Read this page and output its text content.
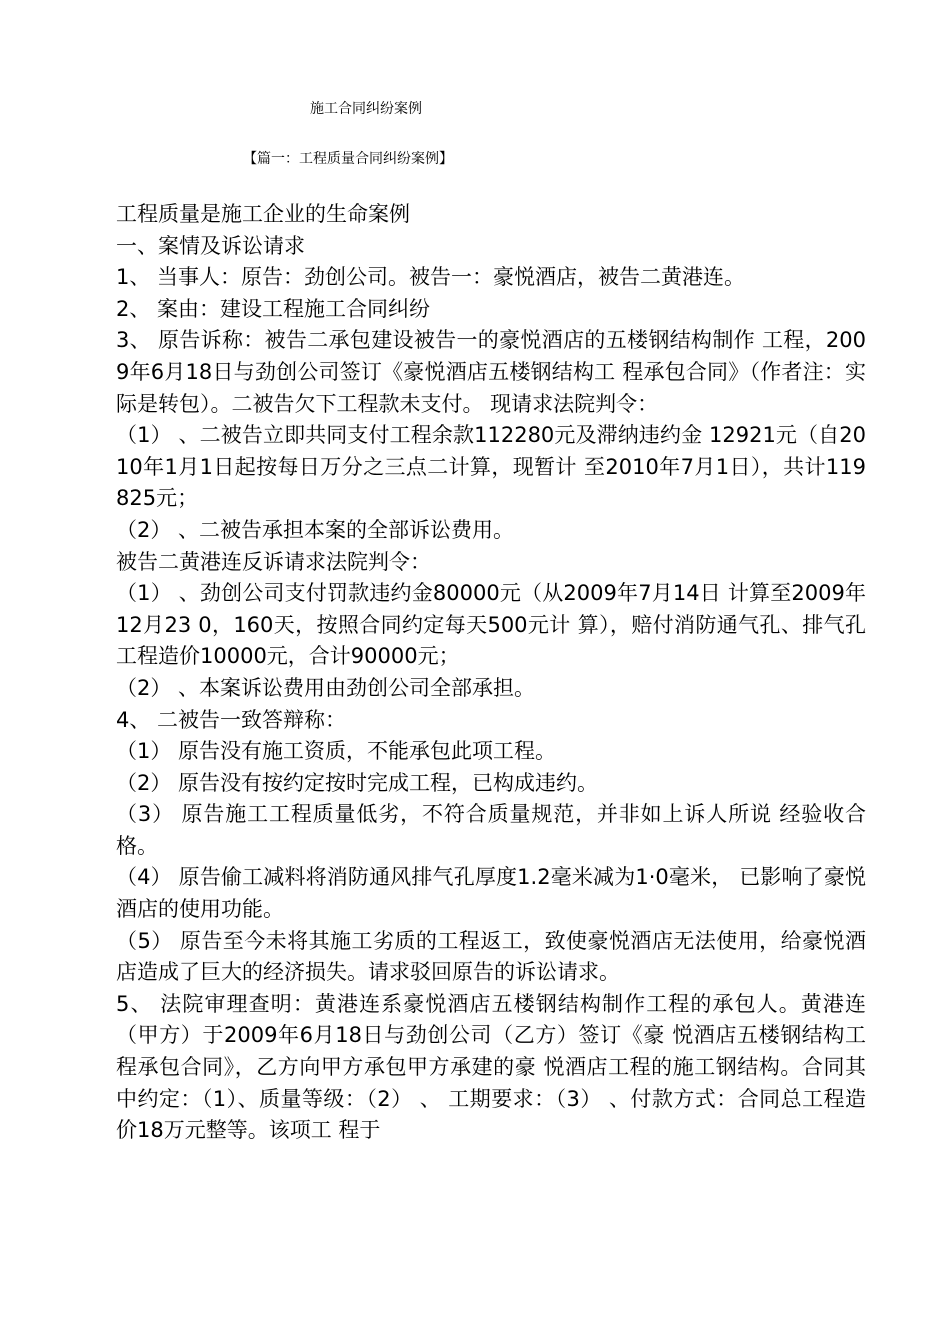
施工合同纠纷案例
【篇一：工程质量合同纠纷案例】

工程质量是施工企业的生命案例

一、案情及诉讼请求

1、 当事人：原告：劲创公司。被告一：豪悦酒店，被告二黄港连。

2、 案由：建设工程施工合同纠纷

3、 原告诉称：被告二承包建设被告一的豪悦酒店的五楼钢结构制作 工程，2009年6月18日与劲创公司签订《豪悦酒店五楼钢结构工 程承包合同》（作者注：实际是转包）。二被告欠下工程款未支付。 现请求法院判令：

（1） 、二被告立即共同支付工程余款112280元及滞纳违约金 12921元（自2010年1月1日起按每日万分之三点二计算，现暂计 至2010年7月1日），共计119825元；

（2） 、二被告承担本案的全部诉讼费用。

被告二黄港连反诉请求法院判令：

（1） 、劲创公司支付罚款违约金80000元（从2009年7月14日 计算至2009年12月23 0，160天，按照合同约定每天500元计 算），赔付消防通气孔、排气孔工程造价10000元，合计90000元；

（2） 、本案诉讼费用由劲创公司全部承担。

4、 二被告一致答辩称：

（1） 原告没有施工资质，不能承包此项工程。

（2） 原告没有按约定按时完成工程，已构成违约。

（3） 原告施工工程质量低劣，不符合质量规范，并非如上诉人所说 经验收合格。

（4） 原告偷工减料将消防通风排气孔厚度1.2毫米减为1·0毫米， 已影响了豪悦酒店的使用功能。

（5） 原告至今未将其施工劣质的工程返工，致使豪悦酒店无法使用，给豪悦酒店造成了巨大的经济损失。请求驳回原告的诉讼请求。

5、 法院审理查明：黄港连系豪悦酒店五楼钢结构制作工程的承包人。黄港连（甲方）于2009年6月18日与劲创公司（乙方）签订《豪 悦酒店五楼钢结构工程承包合同》，乙方向甲方承包甲方承建的豪 悦酒店工程的施工钢结构。合同其中约定：（1）、质量等级：（2） 、 工期要求：（3） 、付款方式：合同总工程造价18万元整等。该项工 程于
